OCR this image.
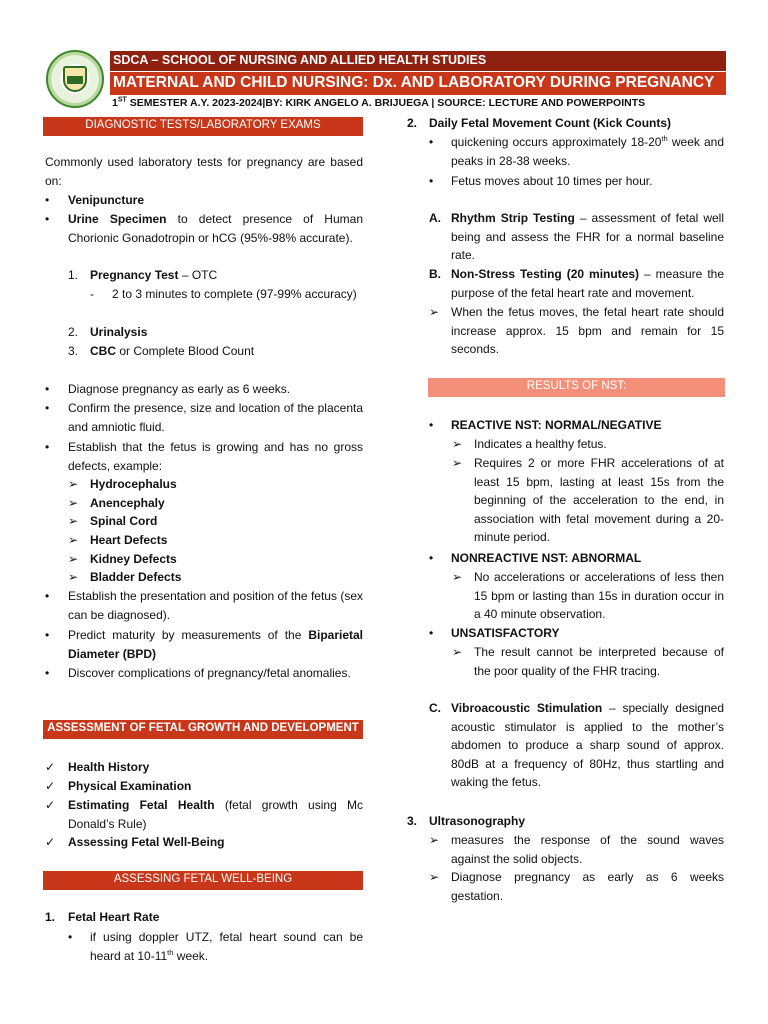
SDCA – SCHOOL OF NURSING AND ALLIED HEALTH STUDIES
MATERNAL AND CHILD NURSING: Dx. AND LABORATORY DURING PREGNANCY
1ST SEMESTER A.Y. 2023-2024|BY: KIRK ANGELO A. BRIJUEGA | SOURCE: LECTURE AND POWERPOINTS
DIAGNOSTIC TESTS/LABORATORY EXAMS
Commonly used laboratory tests for pregnancy are based on:
• Venipuncture
• Urine Specimen to detect presence of Human Chorionic Gonadotropin or hCG (95%-98% accurate).
1. Pregnancy Test – OTC
- 2 to 3 minutes to complete (97-99% accuracy)
2. Urinalysis
3. CBC or Complete Blood Count
• Diagnose pregnancy as early as 6 weeks.
• Confirm the presence, size and location of the placenta and amniotic fluid.
• Establish that the fetus is growing and has no gross defects, example:
➢ Hydrocephalus
➢ Anencephaly
➢ Spinal Cord
➢ Heart Defects
➢ Kidney Defects
➢ Bladder Defects
• Establish the presentation and position of the fetus (sex can be diagnosed).
• Predict maturity by measurements of the Biparietal Diameter (BPD)
• Discover complications of pregnancy/fetal anomalies.
ASSESSMENT OF FETAL GROWTH AND DEVELOPMENT
✓ Health History
✓ Physical Examination
✓ Estimating Fetal Health (fetal growth using Mc Donald’s Rule)
✓ Assessing Fetal Well-Being
ASSESSING FETAL WELL-BEING
1. Fetal Heart Rate
• if using doppler UTZ, fetal heart sound can be heard at 10-11th week.
2. Daily Fetal Movement Count (Kick Counts)
• quickening occurs approximately 18-20th week and peaks in 28-38 weeks.
• Fetus moves about 10 times per hour.
A. Rhythm Strip Testing – assessment of fetal well being and assess the FHR for a normal baseline rate.
B. Non-Stress Testing (20 minutes) – measure the purpose of the fetal heart rate and movement.
➢ When the fetus moves, the fetal heart rate should increase approx. 15 bpm and remain for 15 seconds.
RESULTS OF NST:
• REACTIVE NST: NORMAL/NEGATIVE
➢ Indicates a healthy fetus.
➢ Requires 2 or more FHR accelerations of at least 15 bpm, lasting at least 15s from the beginning of the acceleration to the end, in association with fetal movement during a 20-minute period.
• NONREACTIVE NST: ABNORMAL
➢ No accelerations or accelerations of less then 15 bpm or lasting than 15s in duration occur in a 40 minute observation.
• UNSATISFACTORY
➢ The result cannot be interpreted because of the poor quality of the FHR tracing.
C. Vibroacoustic Stimulation – specially designed acoustic stimulator is applied to the mother’s abdomen to produce a sharp sound of approx. 80dB at a frequency of 80Hz, thus startling and waking the fetus.
3. Ultrasonography
➢ measures the response of the sound waves against the solid objects.
➢ Diagnose pregnancy as early as 6 weeks gestation.
